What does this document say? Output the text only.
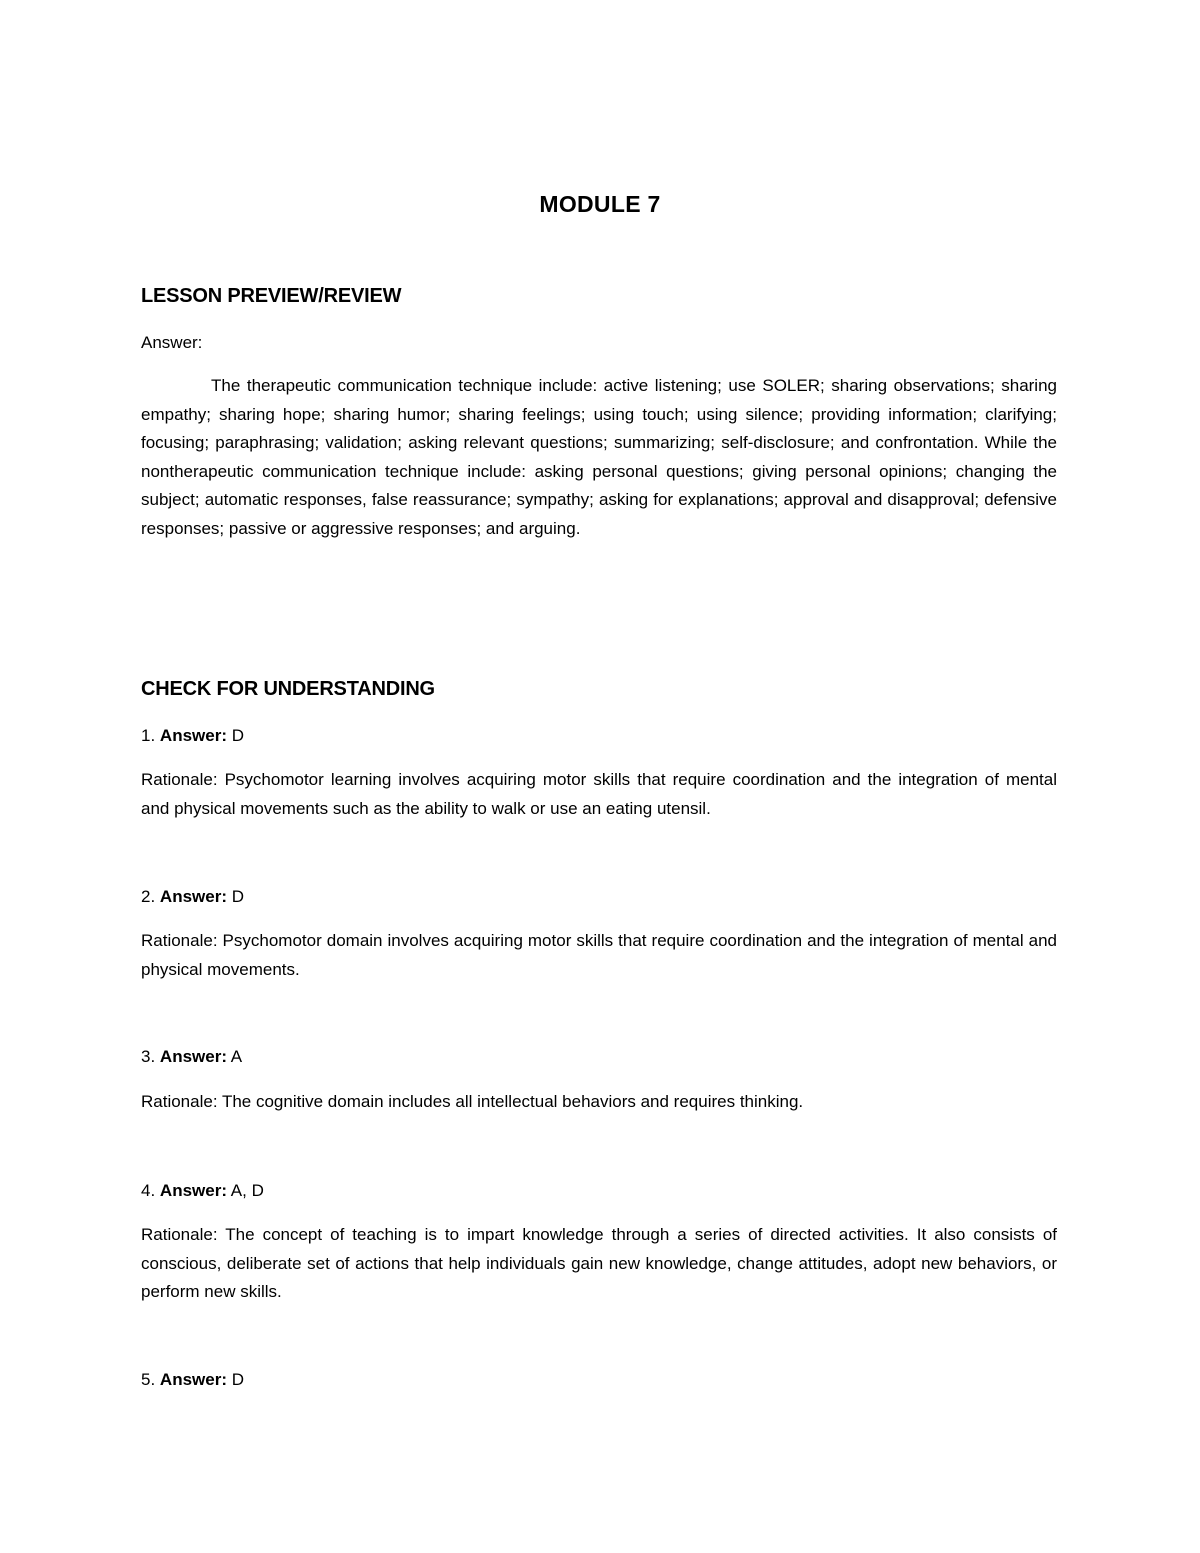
MODULE 7
LESSON PREVIEW/REVIEW

Answer:

The therapeutic communication technique include: active listening; use SOLER; sharing observations; sharing empathy; sharing hope; sharing humor; sharing feelings; using touch; using silence; providing information; clarifying; focusing; paraphrasing; validation; asking relevant questions; summarizing; self-disclosure; and confrontation. While the nontherapeutic communication technique include: asking personal questions; giving personal opinions; changing the subject; automatic responses, false reassurance; sympathy; asking for explanations; approval and disapproval; defensive responses; passive or aggressive responses; and arguing.

CHECK FOR UNDERSTANDING

1. Answer: D

Rationale: Psychomotor learning involves acquiring motor skills that require coordination and the integration of mental and physical movements such as the ability to walk or use an eating utensil.

2. Answer: D

Rationale: Psychomotor domain involves acquiring motor skills that require coordination and the integration of mental and physical movements.

3. Answer: A

Rationale: The cognitive domain includes all intellectual behaviors and requires thinking.

4. Answer: A, D

Rationale: The concept of teaching is to impart knowledge through a series of directed activities. It also consists of conscious, deliberate set of actions that help individuals gain new knowledge, change attitudes, adopt new behaviors, or perform new skills.

5. Answer: D
